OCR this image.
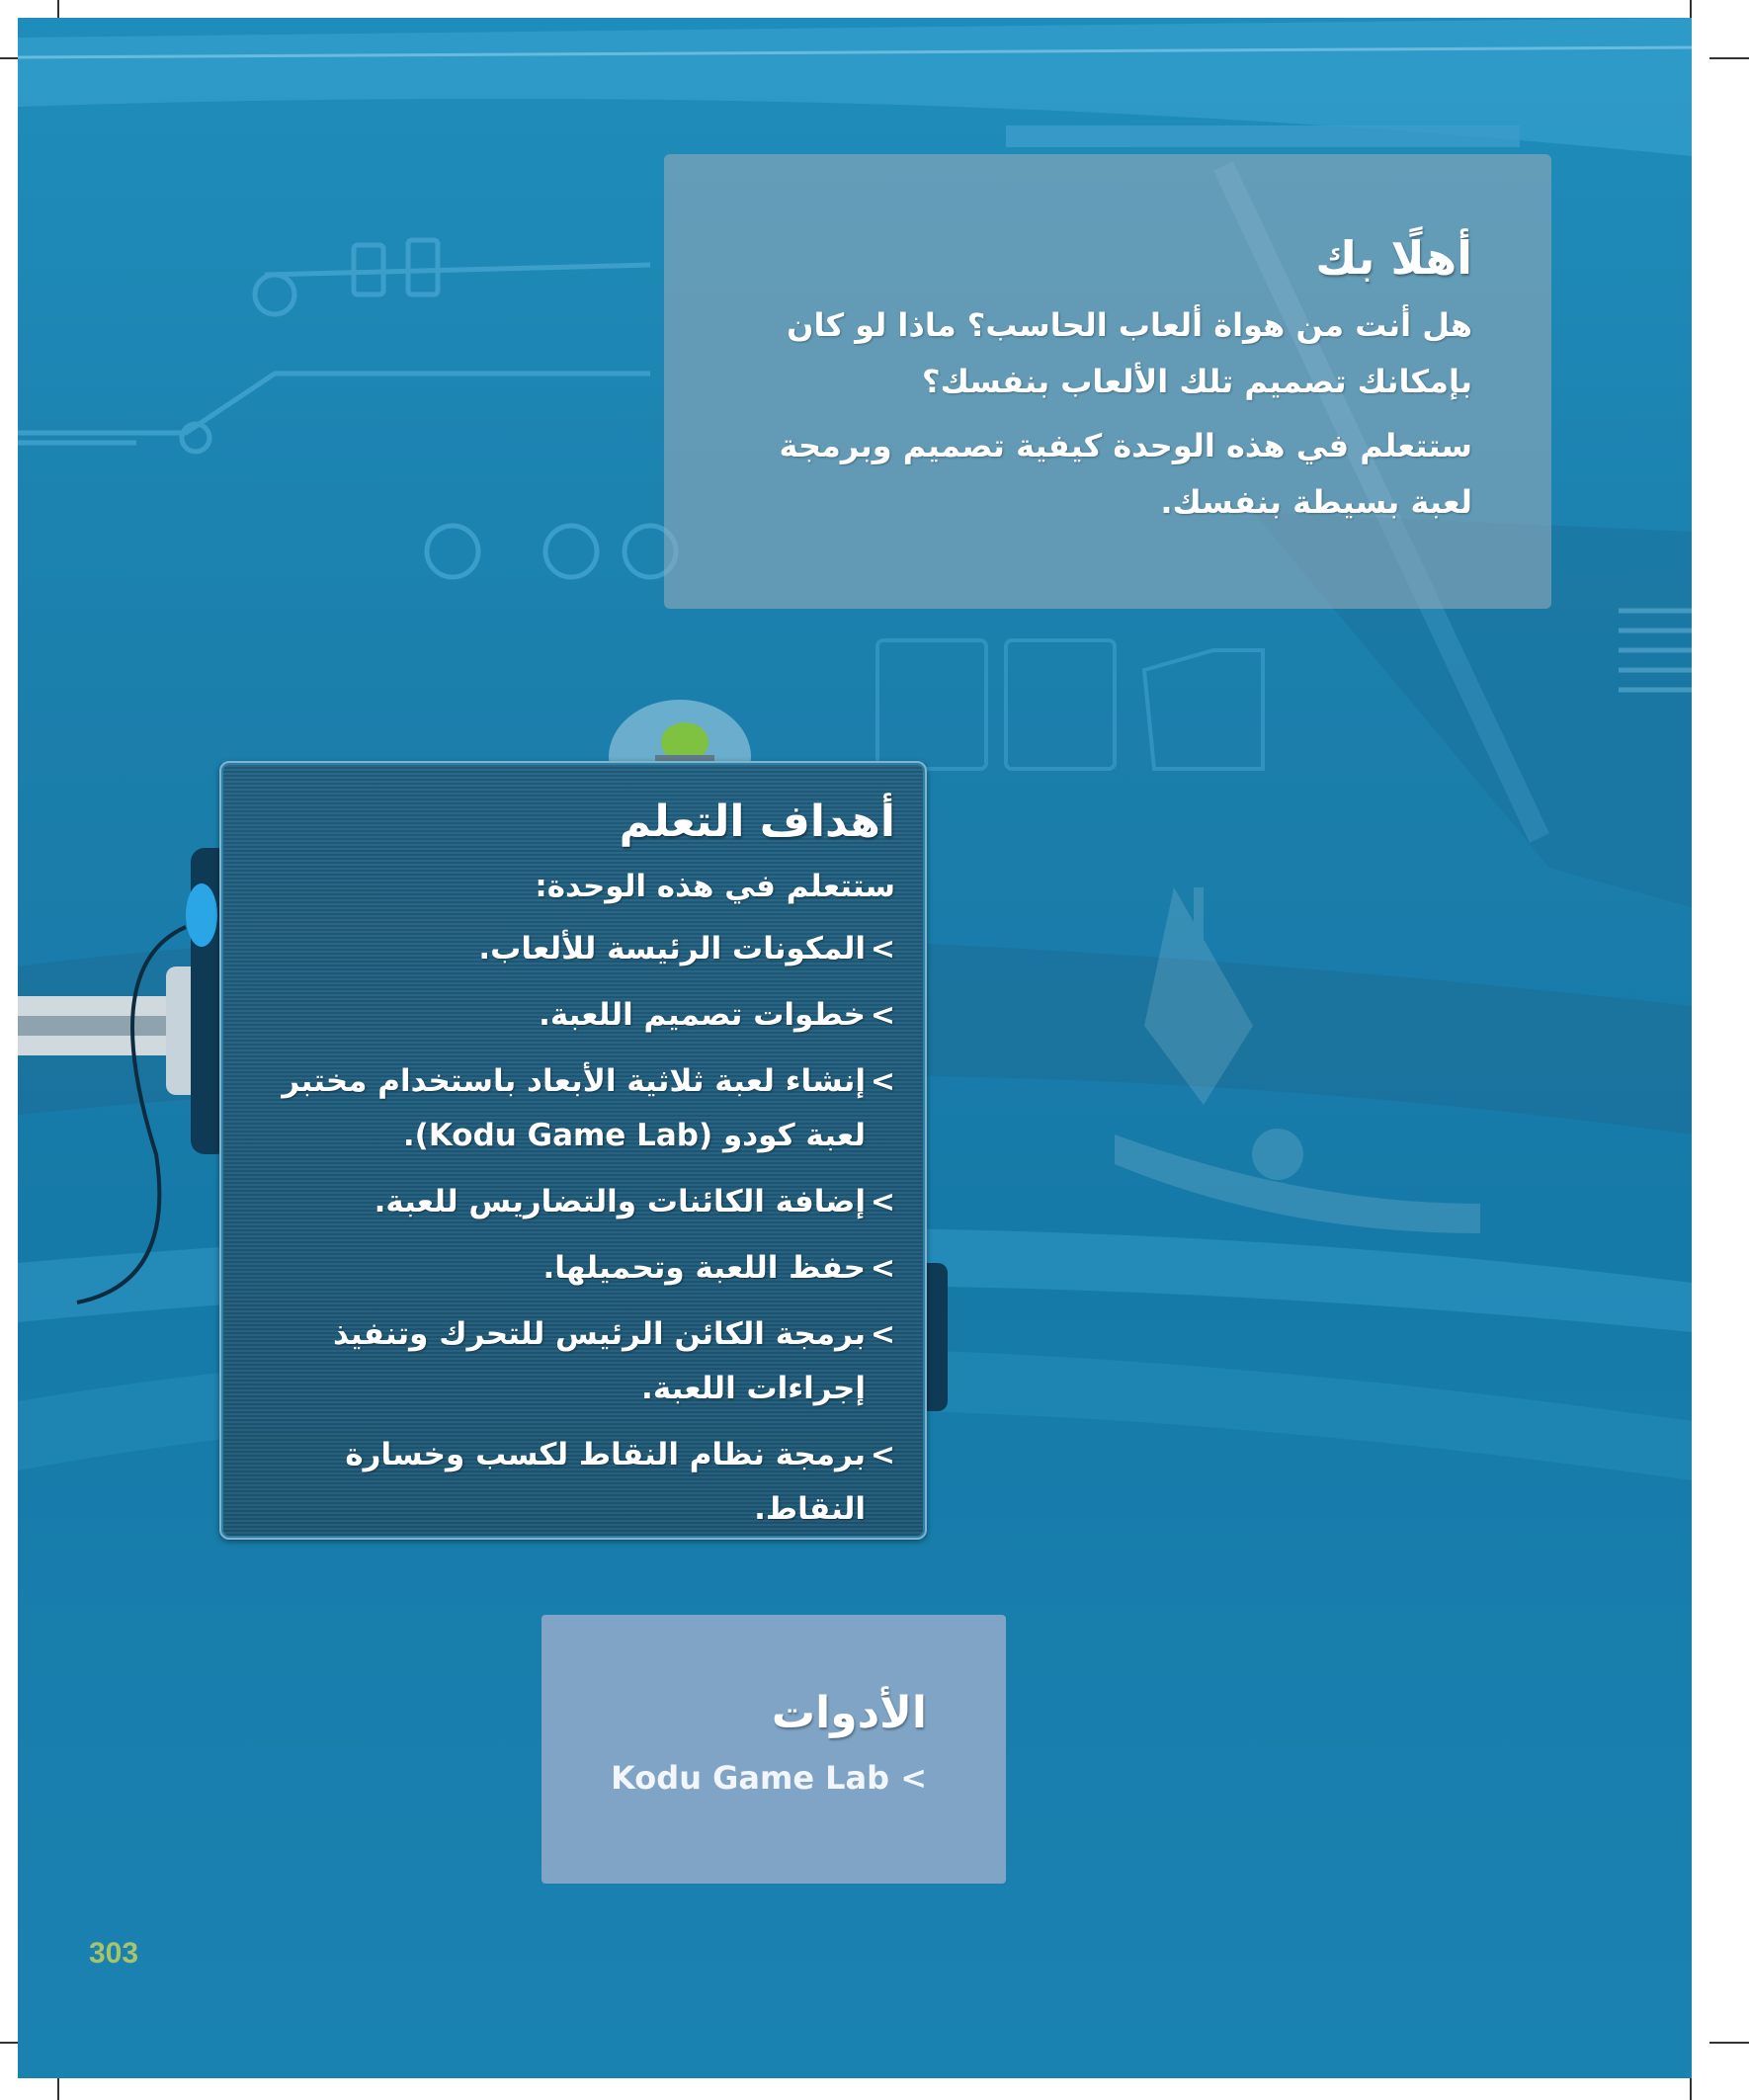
أهلًا بك

هل أنت من هواة ألعاب الحاسب؟ ماذا لو كان بإمكانك تصميم تلك الألعاب بنفسك؟

ستتعلم في هذه الوحدة كيفية تصميم وبرمجة لعبة بسيطة بنفسك.

أهداف التعلم

ستتعلم في هذه الوحدة:

>
المكونات الرئيسة للألعاب.
>
خطوات تصميم اللعبة.
>
إنشاء لعبة ثلاثية الأبعاد باستخدام مختبر لعبة كودو (Kodu Game Lab).
>
إضافة الكائنات والتضاريس للعبة.
>
حفظ اللعبة وتحميلها.
>
برمجة الكائن الرئيس للتحرك وتنفيذ إجراءات اللعبة.
>
برمجة نظام النقاط لكسب وخسارة النقاط.
الأدوات
Kodu Game Lab <
303
